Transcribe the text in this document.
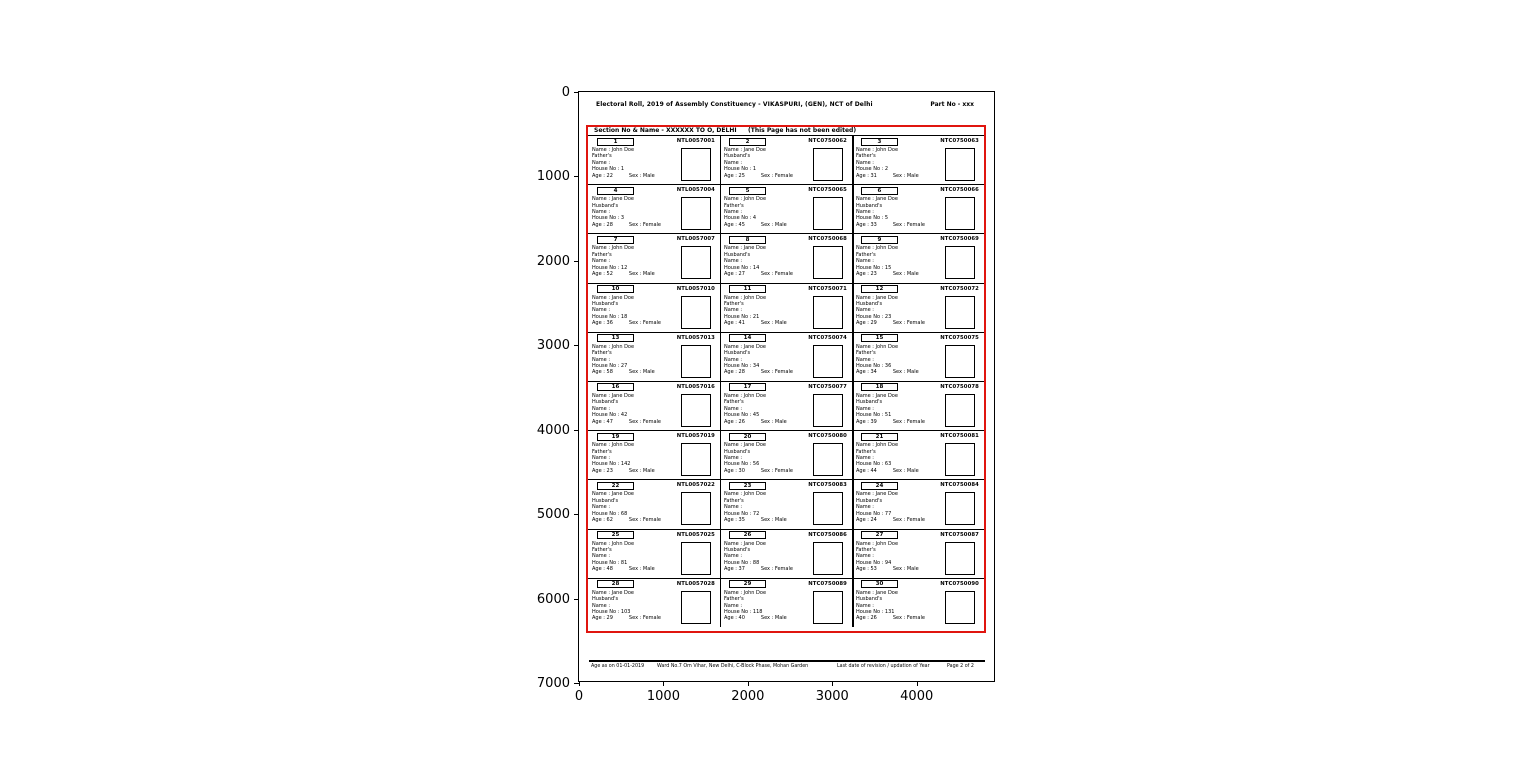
Electoral Roll, 2019 of Assembly Constituency - VIKASPURI, (GEN), NCT of Delhi	Part No - xxx
Section No & Name - XXXXXX TO O, DELHI (This Page has not been edited)
1	NTL0057001
Name : John Doe
Father's
Name :
House No : 1
Age : 22	Sex : Male
2	NTC0750062
Name : Jane Doe
Husband's
Name :
House No : 1
Age : 25	Sex : Female
3	NTC0750063
Name : John Doe
Father's
Name :
House No : 2
Age : 31	Sex : Male
4	NTL0057004
Name : Jane Doe
Husband's
Name :
House No : 3
Age : 28	Sex : Female
5	NTC0750065
Name : John Doe
Father's
Name :
House No : 4
Age : 45	Sex : Male
6	NTC0750066
Name : Jane Doe
Husband's
Name :
House No : 5
Age : 33	Sex : Female
7	NTL0057007
Name : John Doe
Father's
Name :
House No : 12
Age : 52	Sex : Male
8	NTC0750068
Name : Jane Doe
Husband's
Name :
House No : 14
Age : 27	Sex : Female
9	NTC0750069
Name : John Doe
Father's
Name :
House No : 15
Age : 23	Sex : Male
10	NTL0057010
Name : Jane Doe
Husband's
Name :
House No : 18
Age : 36	Sex : Female
11	NTC0750071
Name : John Doe
Father's
Name :
House No : 21
Age : 41	Sex : Male
12	NTC0750072
Name : Jane Doe
Husband's
Name :
House No : 23
Age : 29	Sex : Female
13	NTL0057013
Name : John Doe
Father's
Name :
House No : 27
Age : 58	Sex : Male
14	NTC0750074
Name : Jane Doe
Husband's
Name :
House No : 34
Age : 28	Sex : Female
15	NTC0750075
Name : John Doe
Father's
Name :
House No : 36
Age : 34	Sex : Male
16	NTL0057016
Name : Jane Doe
Husband's
Name :
House No : 42
Age : 47	Sex : Female
17	NTC0750077
Name : John Doe
Father's
Name :
House No : 45
Age : 26	Sex : Male
18	NTC0750078
Name : Jane Doe
Husband's
Name :
House No : 51
Age : 39	Sex : Female
19	NTL0057019
Name : John Doe
Father's
Name :
House No : 142
Age : 23	Sex : Male
20	NTC0750080
Name : Jane Doe
Husband's
Name :
House No : 56
Age : 30	Sex : Female
21	NTC0750081
Name : John Doe
Father's
Name :
House No : 63
Age : 44	Sex : Male
22	NTL0057022
Name : Jane Doe
Husband's
Name :
House No : 68
Age : 62	Sex : Female
23	NTC0750083
Name : John Doe
Father's
Name :
House No : 72
Age : 35	Sex : Male
24	NTC0750084
Name : Jane Doe
Husband's
Name :
House No : 77
Age : 24	Sex : Female
25	NTL0057025
Name : John Doe
Father's
Name :
House No : 81
Age : 48	Sex : Male
26	NTC0750086
Name : Jane Doe
Husband's
Name :
House No : 88
Age : 37	Sex : Female
27	NTC0750087
Name : John Doe
Father's
Name :
House No : 94
Age : 53	Sex : Male
28	NTL0057028
Name : Jane Doe
Husband's
Name :
House No : 103
Age : 29	Sex : Female
29	NTC0750089
Name : John Doe
Father's
Name :
House No : 118
Age : 40	Sex : Male
30	NTC0750090
Name : Jane Doe
Husband's
Name :
House No : 131
Age : 26	Sex : Female
Age as on 01-01-2019	Ward No.7 Om Vihar, New Delhi, C-Block Phase, Mohan Garden	Last date of revision / updation of Year	Page 2 of 2
0
1000
2000
3000
4000
5000
6000
7000
0	1000	2000	3000	4000
